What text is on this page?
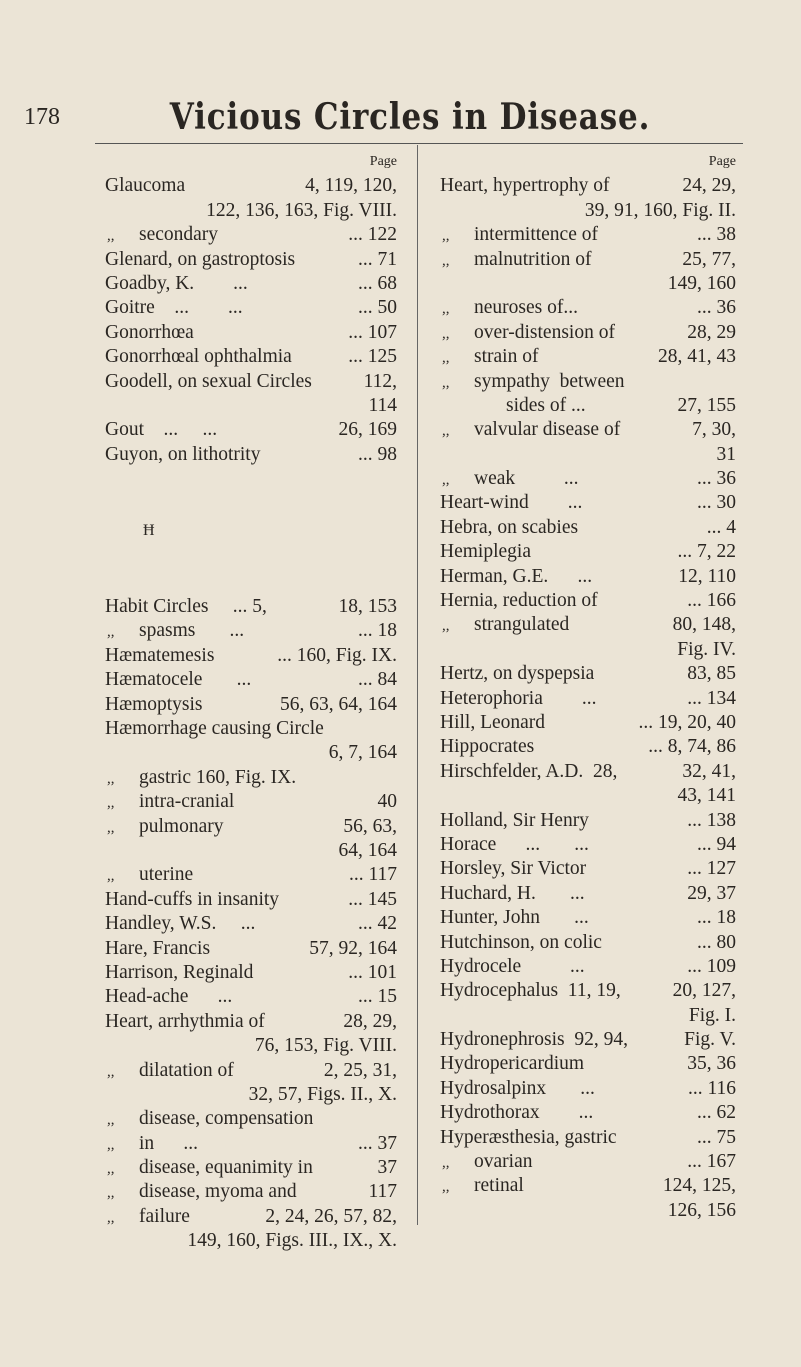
178	Vicious Circles in Disease.
Page
Glaucoma	4, 119, 120,
122, 136, 163, Fig. VIII.
,, secondary	... 122
Glenard, on gastroptosis	... 71
Goadby, K.        ...	... 68
Goitre    ...        ...	... 50
Gonorrhœa	... 107
Gonorrhœal ophthalmia	... 125
Goodell, on sexual Circles	112,
114
Gout    ...     ...	26, 169
Guyon, on lithotrity	... 98
Ħ
Habit Circles     ... 5,	18, 153
,, spasms       ...	... 18
Hæmatemesis	... 160, Fig. IX.
Hæmatocele       ...	... 84
Hæmoptysis	56, 63, 64, 164
Hæmorrhage causing Circle
6, 7, 164
,, gastric 160, Fig. IX.
,, intra-cranial	40
,, pulmonary	56, 63,
64, 164
,, uterine	... 117
Hand-cuffs in insanity	... 145
Handley, W.S.     ...	... 42
Hare, Francis	57, 92, 164
Harrison, Reginald	... 101
Head-ache      ...	... 15
Heart, arrhythmia of	28, 29,
76, 153, Fig. VIII.
,, dilatation of	2, 25, 31,
32, 57, Figs. II., X.
,, disease, compensation
,, in      ...	... 37
,, disease, equanimity in	37
,, disease, myoma and	117
,, failure	2, 24, 26, 57, 82,
149, 160, Figs. III., IX., X.
Page
Heart, hypertrophy of	24, 29,
39, 91, 160, Fig. II.
,, intermittence of	... 38
,, malnutrition of	25, 77,
149, 160
,, neuroses of...	... 36
,, over-distension of	28, 29
,, strain of	28, 41, 43
,, sympathy  between
sides of ...	27, 155
,, valvular disease of	7, 30,
31
,, weak          ...	... 36
Heart-wind        ...	... 30
Hebra, on scabies	... 4
Hemiplegia	... 7, 22
Herman, G.E.      ...	12, 110
Hernia, reduction of	... 166
,, strangulated	80, 148,
Fig. IV.
Hertz, on dyspepsia	83, 85
Heterophoria        ...	... 134
Hill, Leonard	... 19, 20, 40
Hippocrates	... 8, 74, 86
Hirschfelder, A.D.  28,	32, 41,
43, 141
Holland, Sir Henry	... 138
Horace      ...       ...	... 94
Horsley, Sir Victor	... 127
Huchard, H.       ...	29, 37
Hunter, John       ...	... 18
Hutchinson, on colic	... 80
Hydrocele          ...	... 109
Hydrocephalus  11, 19,	20, 127,
Fig. I.
Hydronephrosis  92, 94,	Fig. V.
Hydropericardium	35, 36
Hydrosalpinx       ...	... 116
Hydrothorax        ...	... 62
Hyperæsthesia, gastric	... 75
,, ovarian	... 167
,, retinal	124, 125,
126, 156
